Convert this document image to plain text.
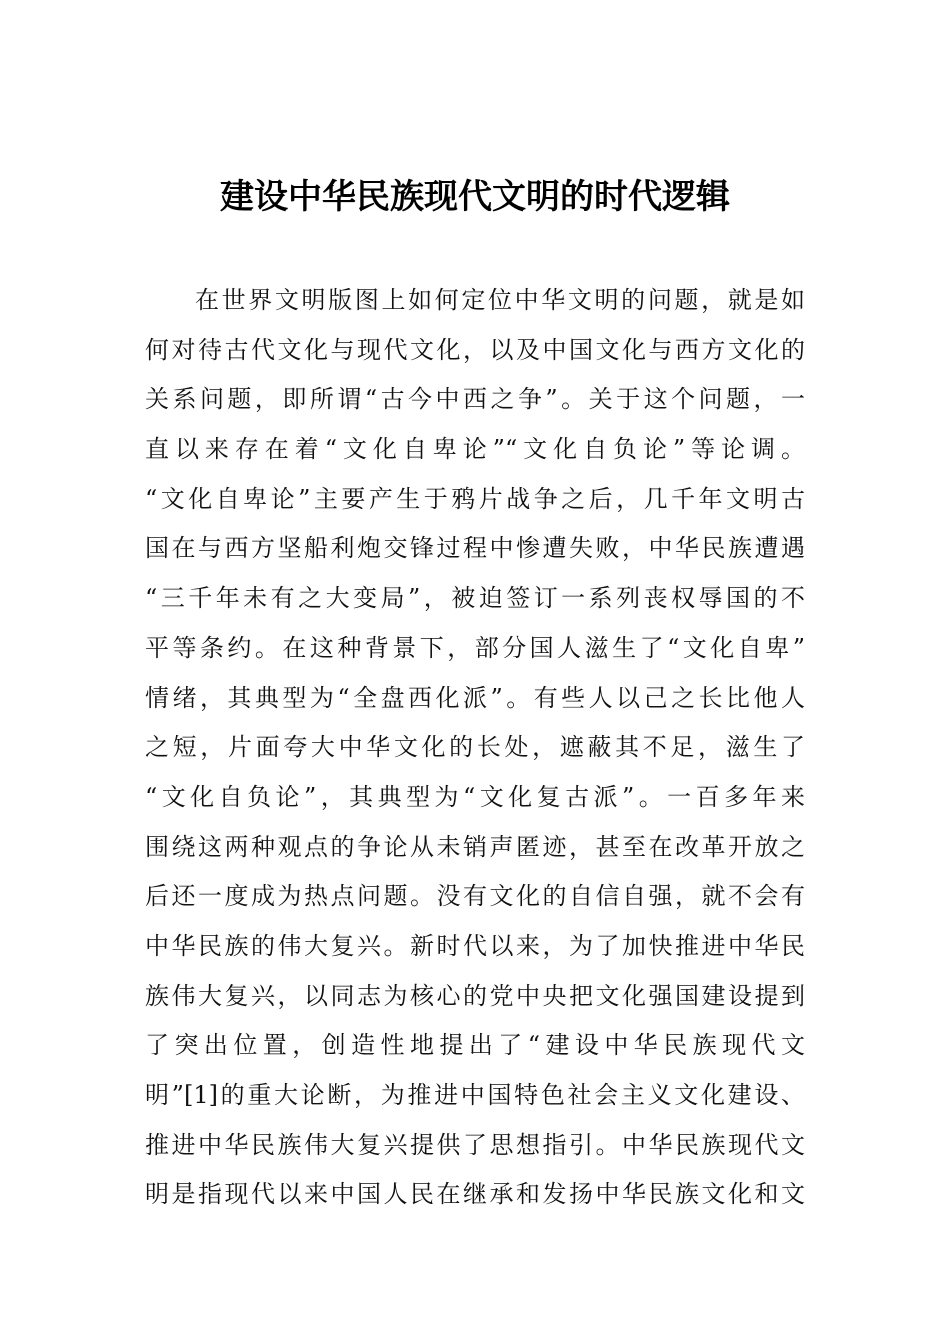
建设中华民族现代文明的时代逻辑
在世界文明版图上如何定位中华文明的问题，就是如
何对待古代文化与现代文化，以及中国文化与西方文化的
关系问题，即所谓“古今中西之争”。关于这个问题，一
直以来存在着“文化自卑论”“文化自负论”等论调。
“文化自卑论”主要产生于鸦片战争之后，几千年文明古
国在与西方坚船利炮交锋过程中惨遭失败，中华民族遭遇
“三千年未有之大变局”，被迫签订一系列丧权辱国的不
平等条约。在这种背景下，部分国人滋生了“文化自卑”
情绪，其典型为“全盘西化派”。有些人以己之长比他人
之短，片面夸大中华文化的长处，遮蔽其不足，滋生了
“文化自负论”，其典型为“文化复古派”。一百多年来
围绕这两种观点的争论从未销声匿迹，甚至在改革开放之
后还一度成为热点问题。没有文化的自信自强，就不会有
中华民族的伟大复兴。新时代以来，为了加快推进中华民
族伟大复兴，以同志为核心的党中央把文化强国建设提到
了突出位置，创造性地提出了“建设中华民族现代文
明”[1]的重大论断，为推进中国特色社会主义文化建设、
推进中华民族伟大复兴提供了思想指引。中华民族现代文
明是指现代以来中国人民在继承和发扬中华民族文化和文
